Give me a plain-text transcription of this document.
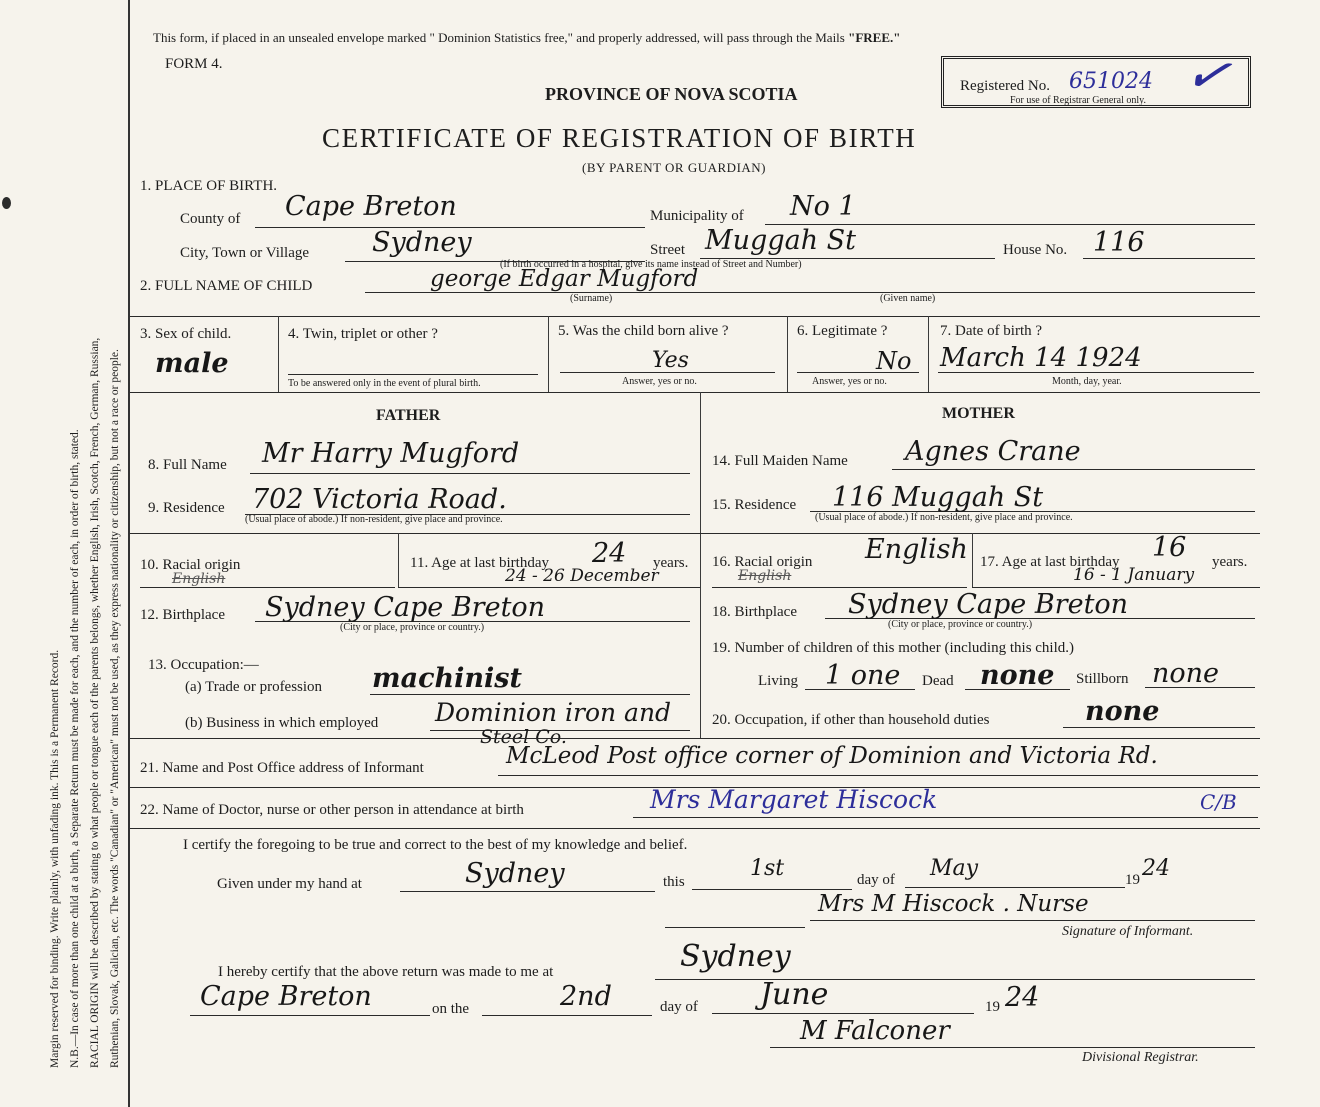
Margin reserved for binding. Write plainly, with unfading ink. This is a Permanent Record. N.B.—In case of more than one child at a birth, a Separate Return must be made for each, and the number of each, in order of birth, stated. RACIAL ORIGIN will be described by stating to what people or tongue each of the parents belongs, whether English, Irish, Scotch, French, German, Russian, Ruthenian, Slovak, Galician, etc. The words "Canadian" or "American" must not be used, as they express nationality or citizenship, but not a race or people.
This form, if placed in an unsealed envelope marked " Dominion Statistics free," and properly addressed, will pass through the Mails "FREE."
FORM 4.
PROVINCE OF NOVA SCOTIA
CERTIFICATE OF REGISTRATION OF BIRTH
(BY PARENT OR GUARDIAN)
Registered No. 651024
For use of Registrar General only. ✓
1. PLACE OF BIRTH.
County of Cape Breton	Municipality of No 1
City, Town or Village Sydney	Street Muggah St	House No. 116
(If birth occurred in a hospital, give its name instead of Street and Number)
2. FULL NAME OF CHILD	george Edgar Mugford
(Surname)	(Given name)
3. Sex of child.
male
4. Twin, triplet or other ?
To be answered only in the event of plural birth.
5. Was the child born alive ?
Yes
Answer, yes or no.
6. Legitimate ?
No
Answer, yes or no.
7. Date of birth ?
March 14 1924
Month, day, year.
FATHER	MOTHER
8. Full Name Mr Harry Mugford
9. Residence 702 Victoria Road.
(Usual place of abode.) If non-resident, give place and province.
10. Racial origin
English
11. Age at last birthday 24 years.
24 - 26 December
12. Birthplace Sydney Cape Breton
(City or place, province or country.)
13. Occupation:—
(a) Trade or profession machinist
(b) Business in which employed Dominion iron and
Steel Co.
14. Full Maiden Name Agnes Crane
15. Residence 116 Muggah St
(Usual place of abode.) If non-resident, give place and province.
16. Racial origin
English
English 17. Age at last birthday 16 years.
16 - 1 January
18. Birthplace Sydney Cape Breton
(City or place, province or country.)
19. Number of children of this mother (including this child.)
Living 1 one Dead none Stillborn none
20. Occupation, if other than household duties	none
21. Name and Post Office address of Informant	McLeod Post office corner of Dominion and Victoria Rd.
22. Name of Doctor, nurse or other person in attendance at birth	Mrs Margaret Hiscock	C/B
I certify the foregoing to be true and correct to the best of my knowledge and belief.
Given under my hand at	Sydney	this
1st	day of May	19 24
Mrs M Hiscock . Nurse
Signature of Informant.
I hereby certify that the above return was made to me at	Sydney
Cape Breton	on the	2nd	day of June	19 24
M Falconer
Divisional Registrar.
